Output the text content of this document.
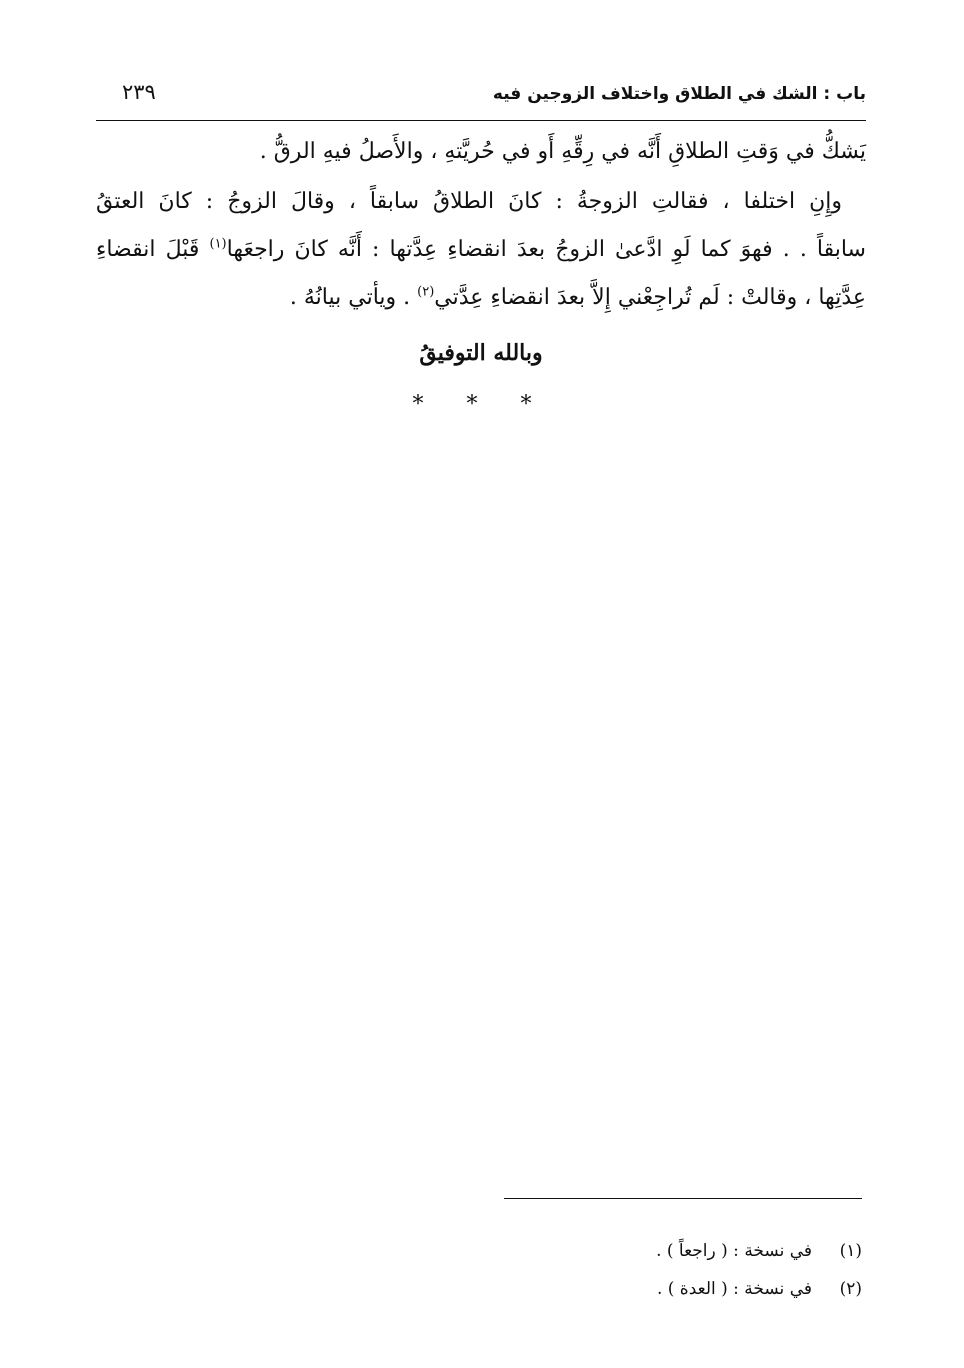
باب : الشك في الطلاق واختلاف الزوجين فيه
٢٣٩
يَشكُّ في وَقتِ الطلاقِ أَنَّه في رِقِّهِ أَو في حُريَّتهِ ، والأَصلُ فيهِ الرقُّ .
وإِنِ اختلفا ، فقالتِ الزوجةُ : كانَ الطلاقُ سابقاً ، وقالَ الزوجُ : كانَ العتقُ
سابقاً . . فهوَ كما لَوِ ادَّعىٰ الزوجُ بعدَ انقضاءِ عِدَّتها : أَنَّه كانَ راجعَها$^{(١)}$ قَبْلَ انقضاءِ
عِدَّتِها ، وقالتْ : لَم تُراجِعْني إِلاَّ بعدَ انقضاءِ عِدَّتي$^{(٢)}$ . ويأتي بيانُهُ .
وبالله التوفيقُ
* * *
(١)في نسخة : ( راجعاً ) .
(٢)في نسخة : ( العدة ) .
